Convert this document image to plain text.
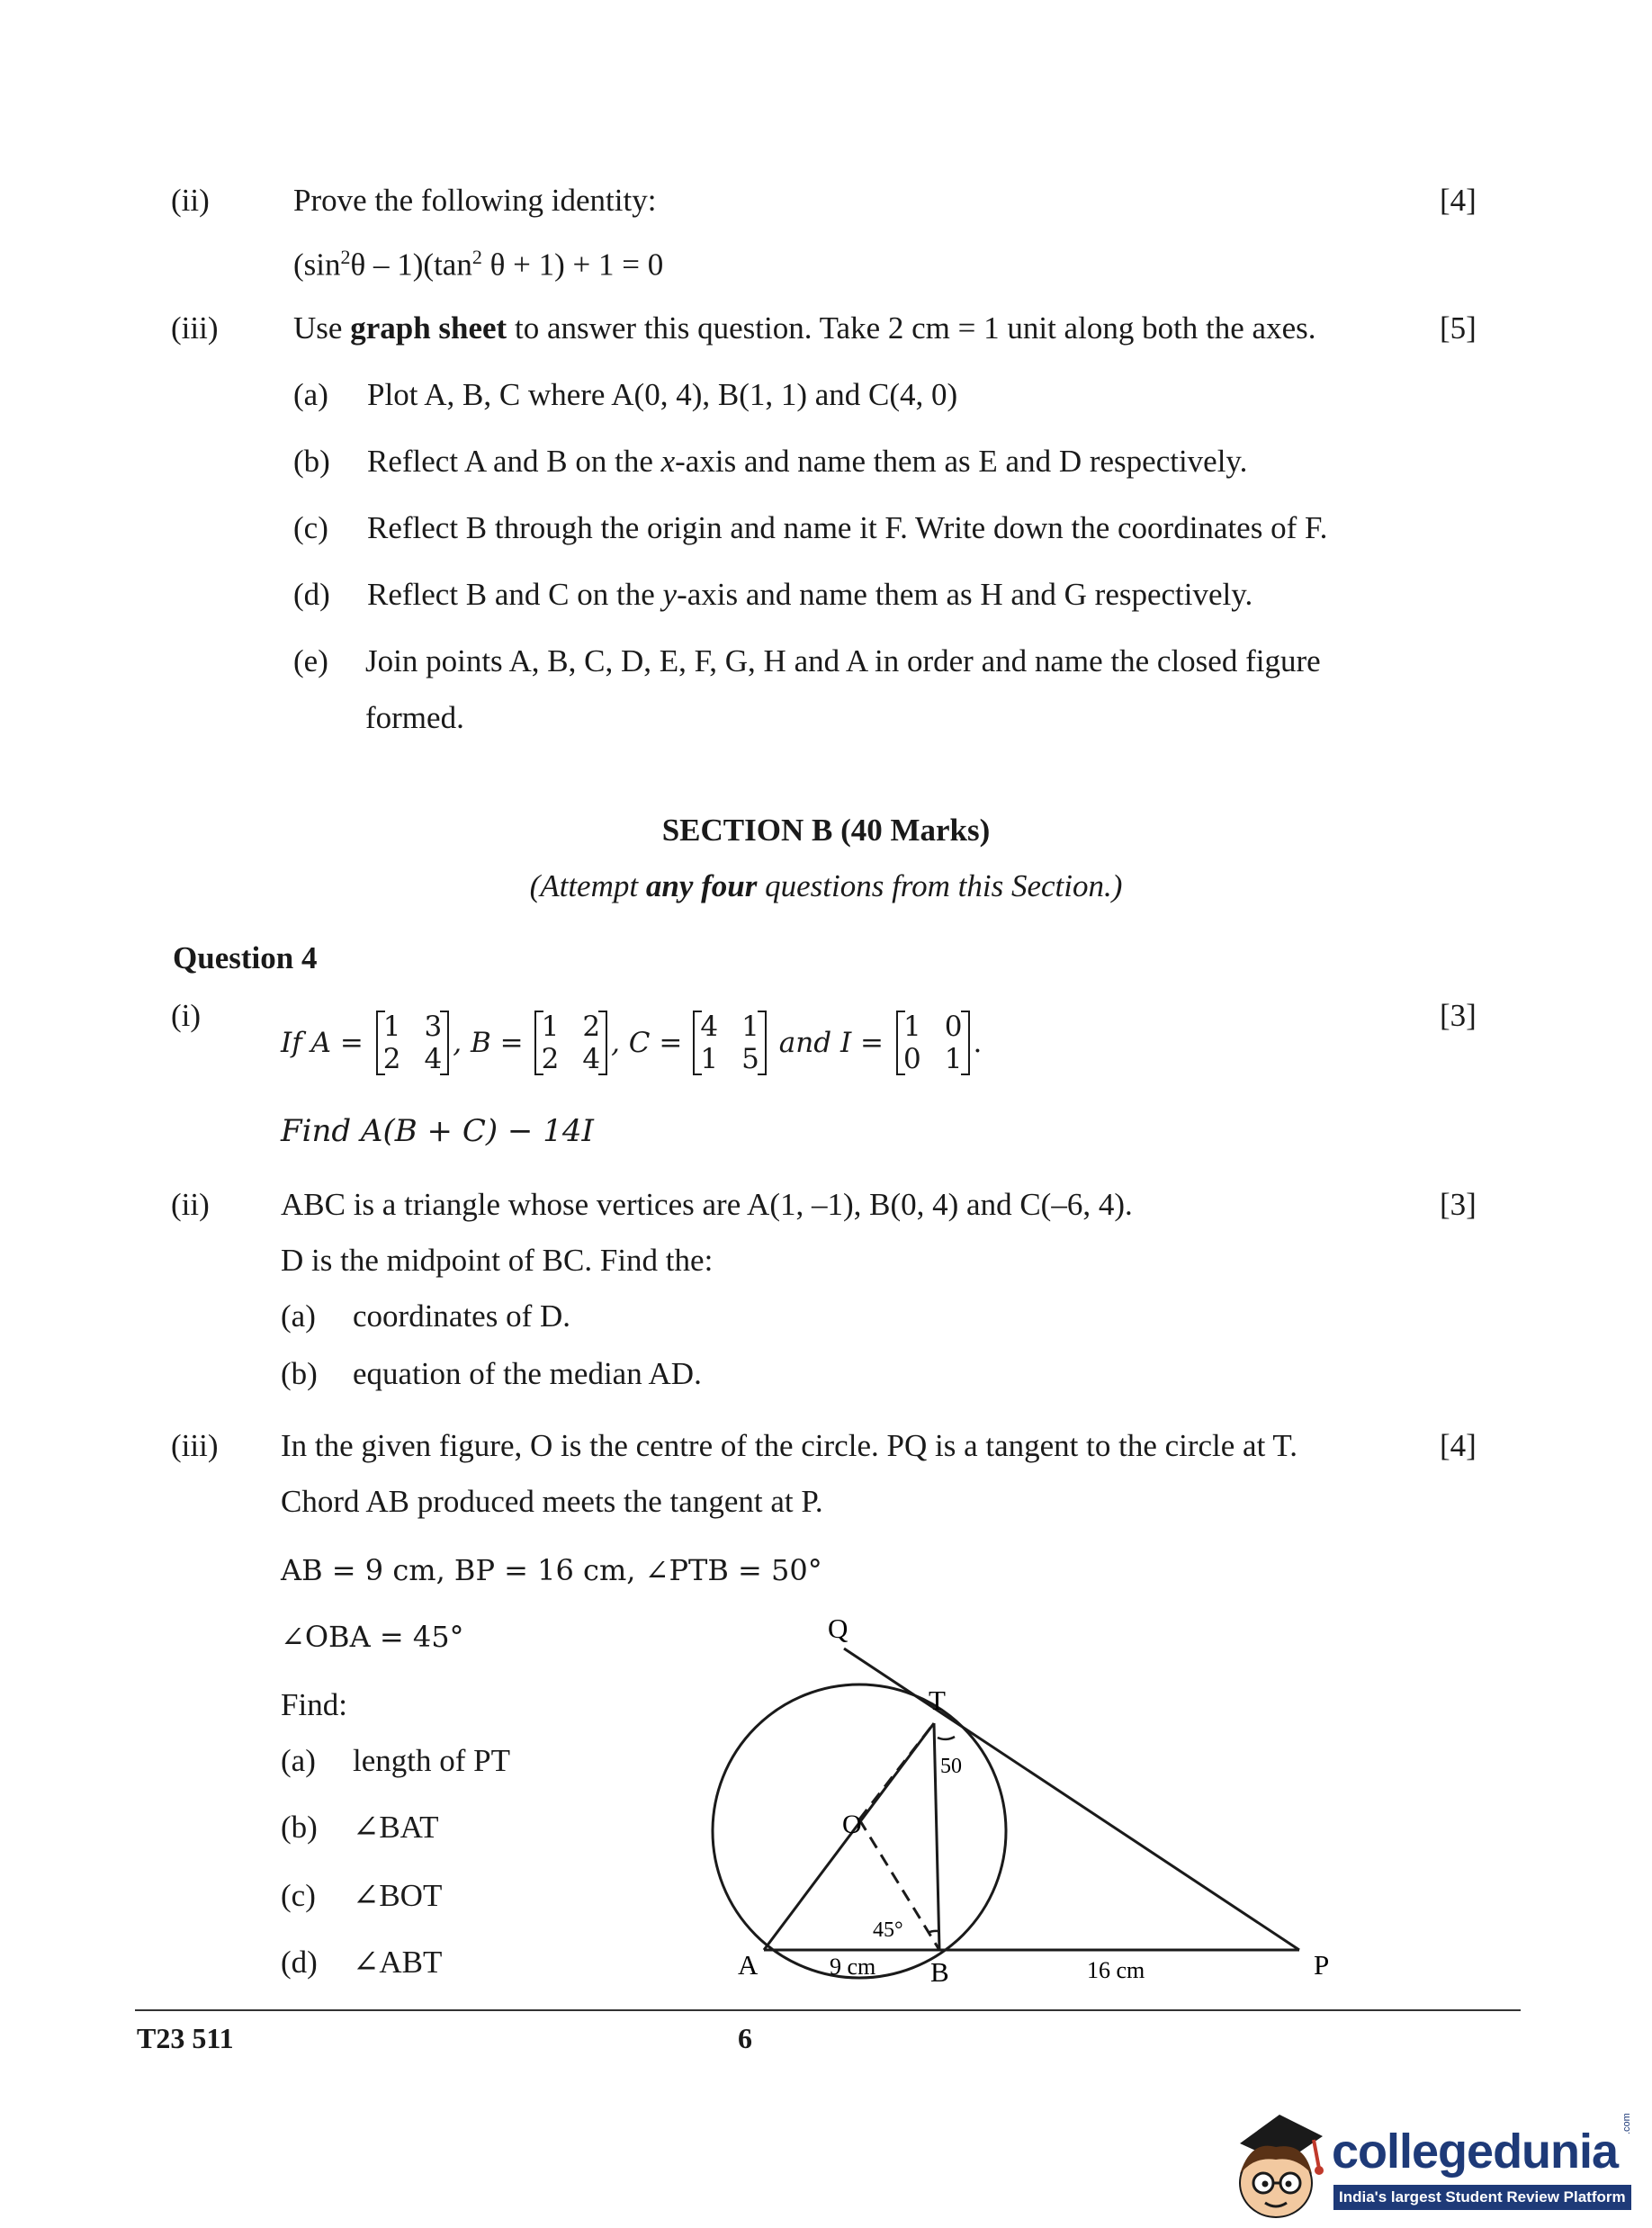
(ii)	Prove the following identity:	[4]
$(\sin^2\theta - 1)(\tan^2$ θ + 1) + 1 = 0
(iii) Use graph sheet to answer this question. Take 2 cm = 1 unit along both the axes.	[5]
(a) Plot A, B, C where A(0, 4), B(1, 1) and C(4, 0)
(b) Reflect A and B on the x-axis and name them as E and D respectively.
(c) Reflect B through the origin and name it F. Write down the coordinates of F.
(d) Reflect B and C on the y-axis and name them as H and G respectively.
(e) Join points A, B, C, D, E, F, G, H and A in order and name the closed figure
formed.
SECTION B (40 Marks)
(Attempt any four questions from this Section.)
Question 4
(i)	[3]
If A = 1 3
2 4 , B = 1 2
2 4 , C = 4 1
1 5 and I = 1 0
0 1 .
Find A(B + C) − 14I
(ii) ABC is a triangle whose vertices are A(1, –1), B(0, 4) and C(–6, 4).	[3]
D is the midpoint of BC. Find the:
(a) coordinates of D.
(b) equation of the median AD.
(iii) In the given figure, O is the centre of the circle. PQ is a tangent to the circle at T.	[4]
Chord AB produced meets the tangent at P.
AB = 9 cm, BP = 16 cm, ∠PTB = 50°
∠OBA = 45°
Find:
(a) length of PT
(b) ∠BAT
(c) ∠BOT
(d) ∠ABT
Q
T
O
A	B	P
50
45°
9 cm	16 cm
T23 511	6
collegedunia
.com
India's largest Student Review Platform
